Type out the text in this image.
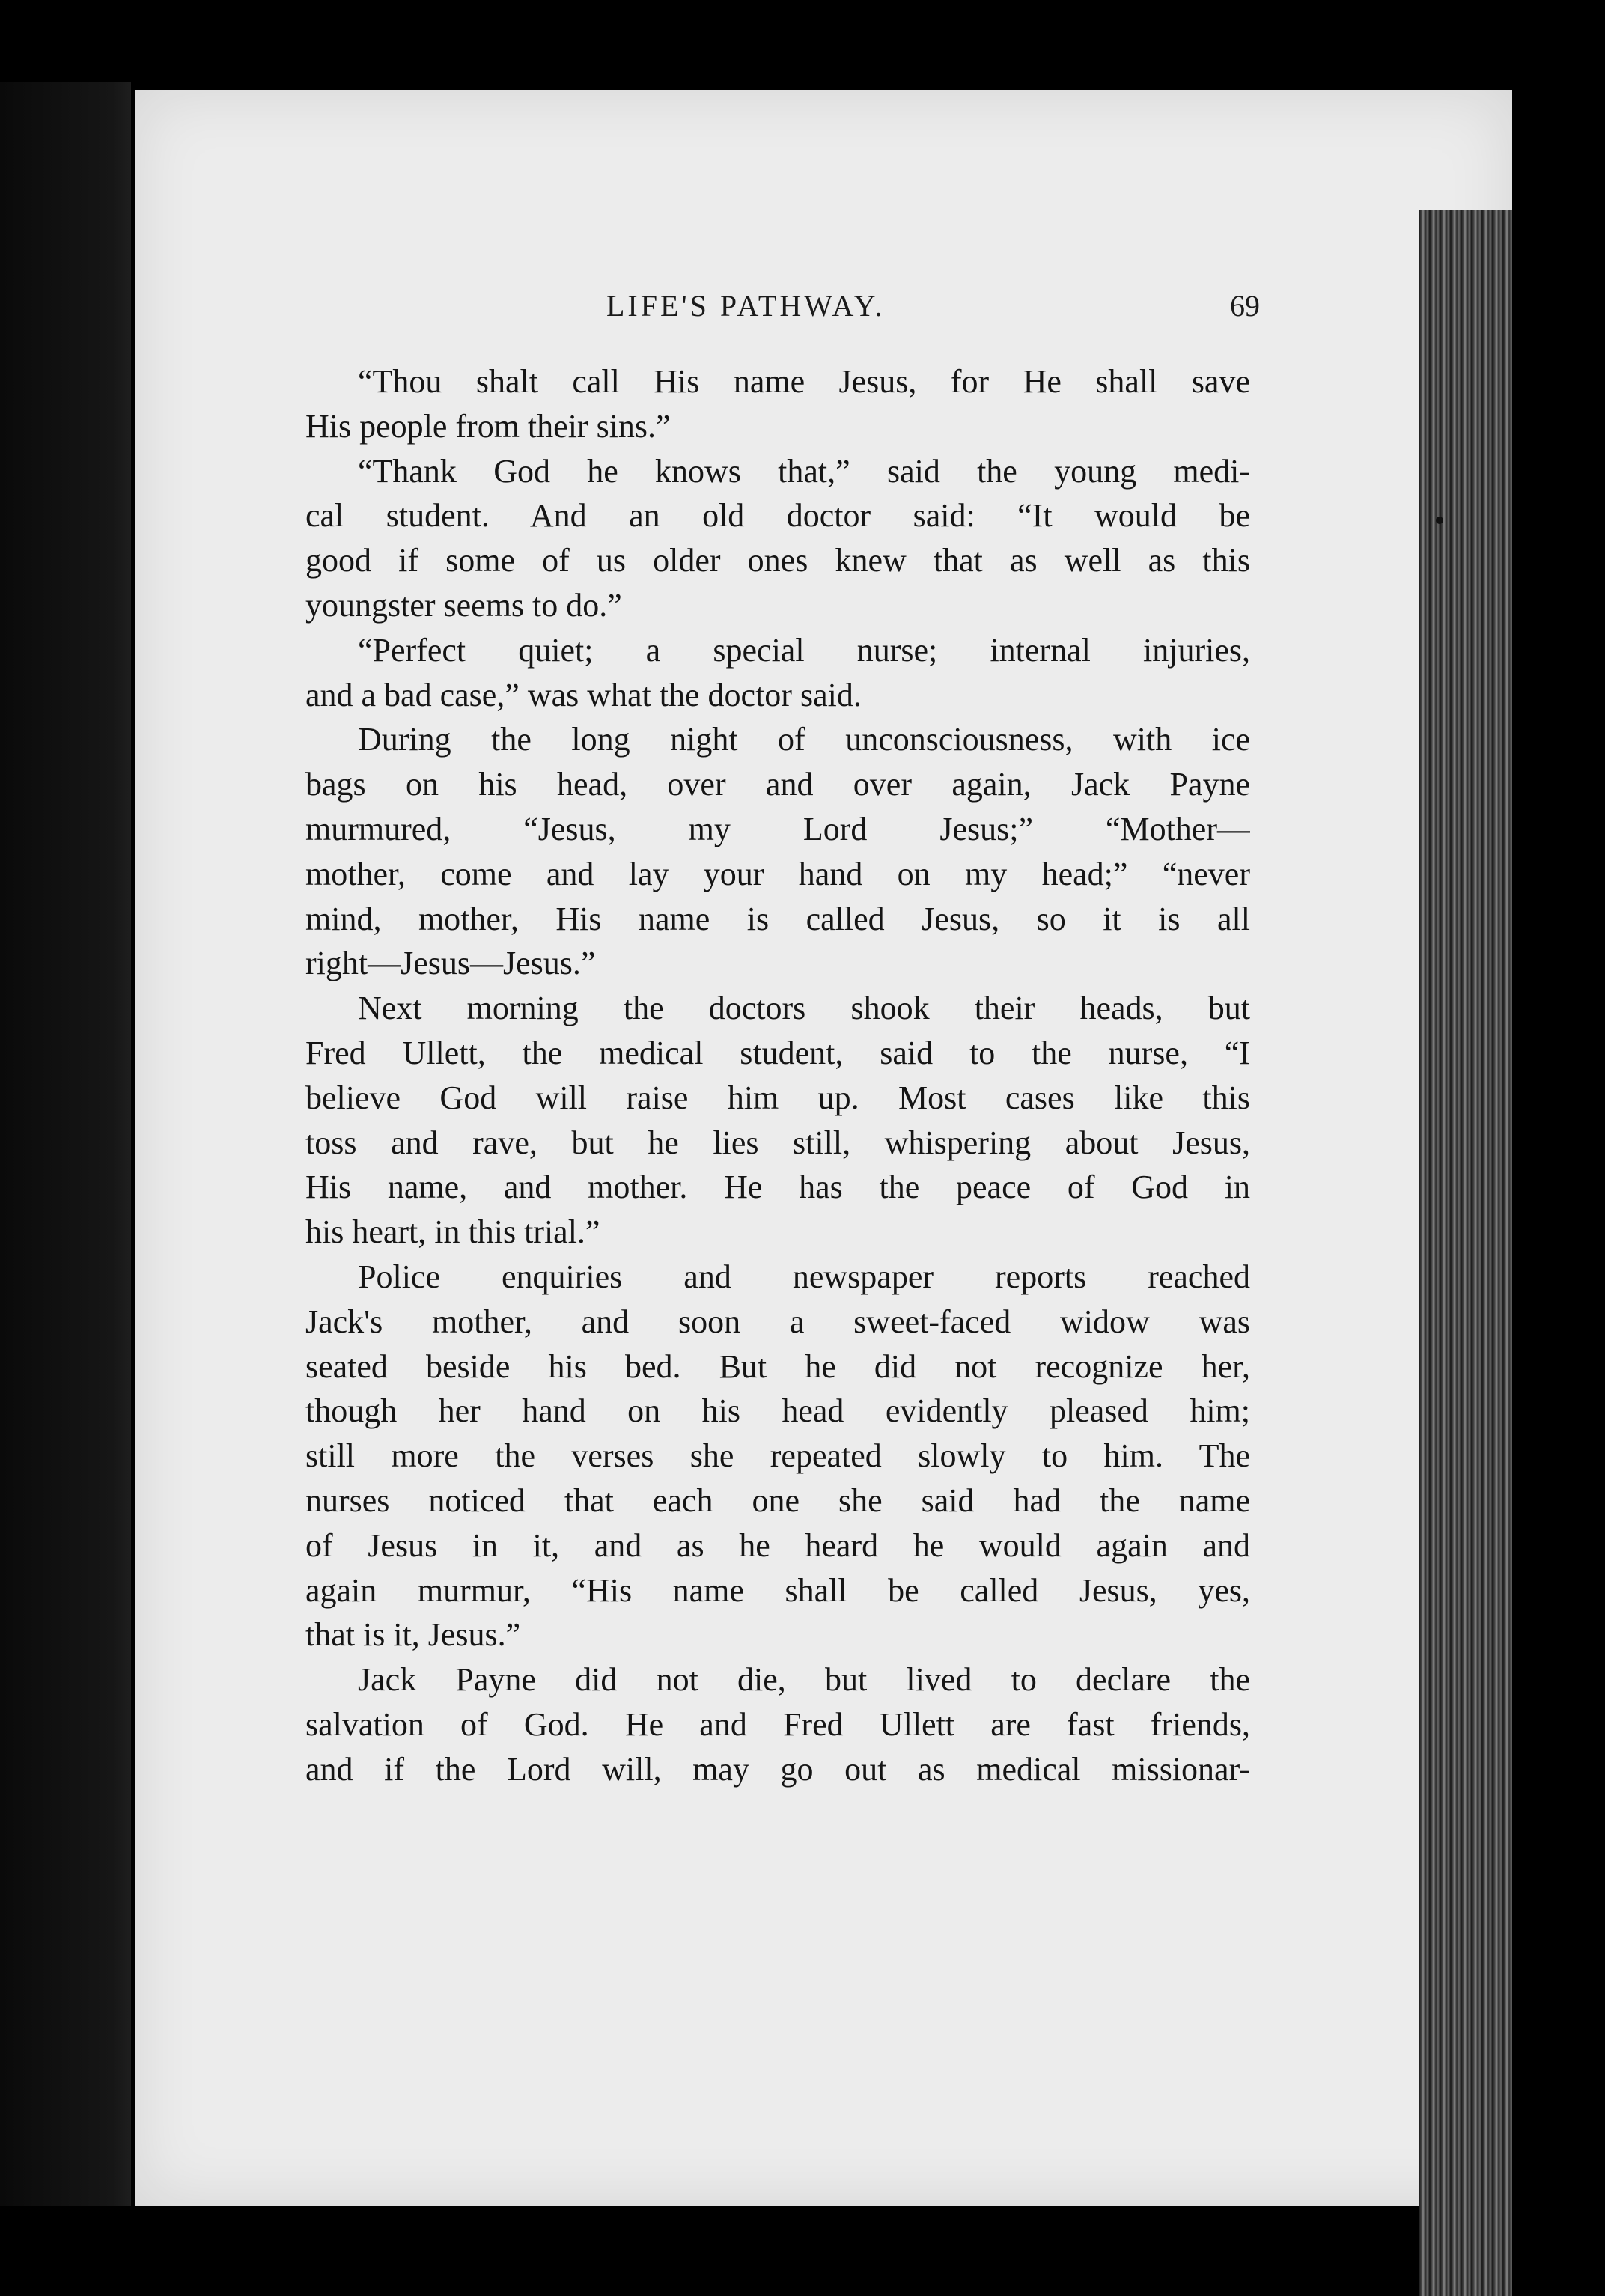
LIFE'S PATHWAY.	69
“Thou shalt call His name Jesus, for He shall save
His people from their sins.”
“Thank God he knows that,” said the young medi-
cal student. And an old doctor said: “It would be
good if some of us older ones knew that as well as this
youngster seems to do.”
“Perfect quiet; a special nurse; internal injuries,
and a bad case,” was what the doctor said.
During the long night of unconsciousness, with ice
bags on his head, over and over again, Jack Payne
murmured, “Jesus, my Lord Jesus;” “Mother—
mother, come and lay your hand on my head;” “never
mind, mother, His name is called Jesus, so it is all
right—Jesus—Jesus.”
Next morning the doctors shook their heads, but
Fred Ullett, the medical student, said to the nurse, “I
believe God will raise him up. Most cases like this
toss and rave, but he lies still, whispering about Jesus,
His name, and mother. He has the peace of God in
his heart, in this trial.”
Police enquiries and newspaper reports reached
Jack's mother, and soon a sweet-faced widow was
seated beside his bed. But he did not recognize her,
though her hand on his head evidently pleased him;
still more the verses she repeated slowly to him. The
nurses noticed that each one she said had the name
of Jesus in it, and as he heard he would again and
again murmur, “His name shall be called Jesus, yes,
that is it, Jesus.”
Jack Payne did not die, but lived to declare the
salvation of God. He and Fred Ullett are fast friends,
and if the Lord will, may go out as medical missionar-
